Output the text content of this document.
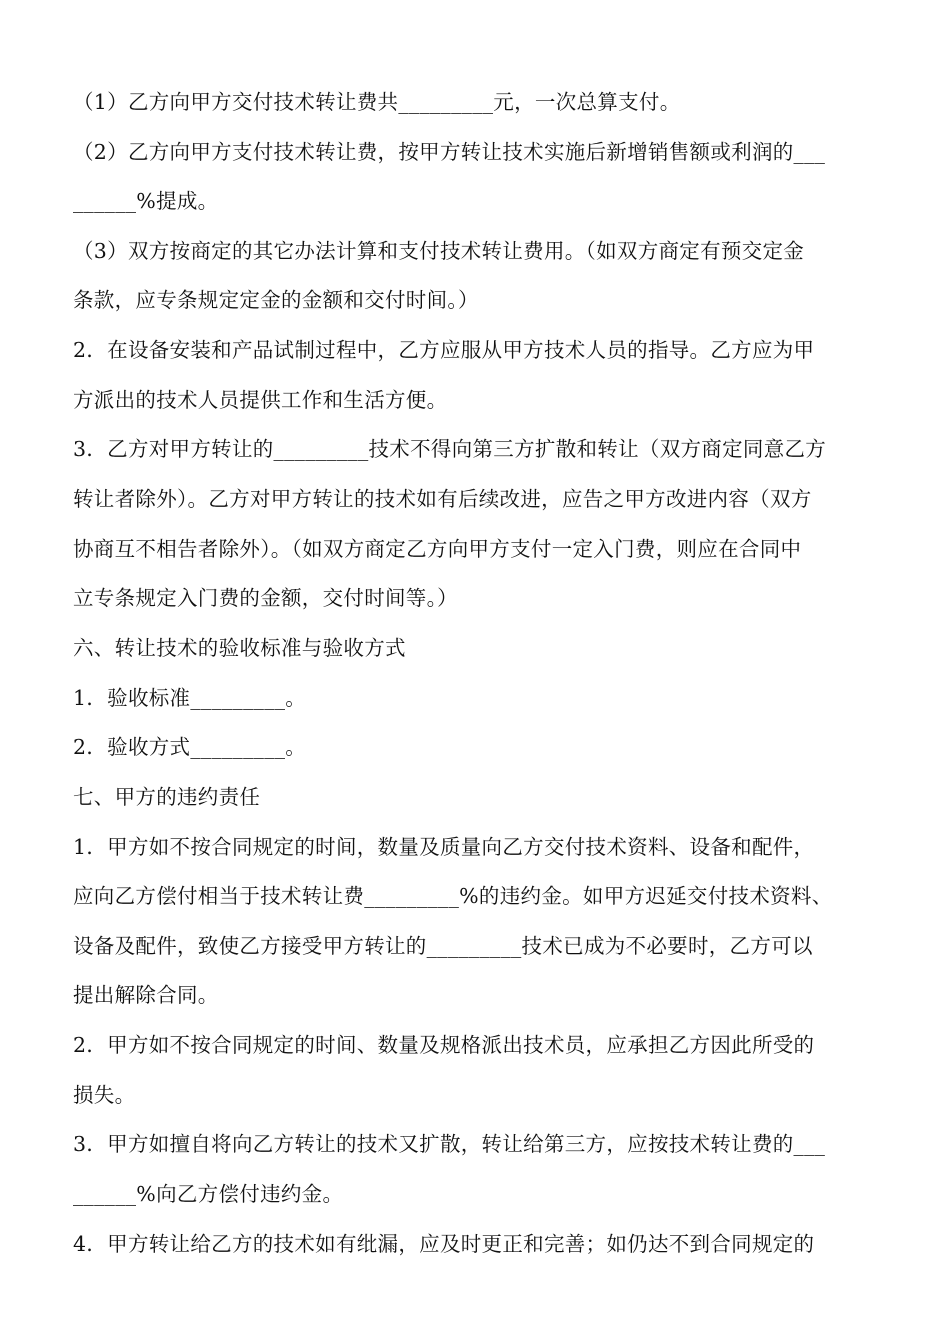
（1）乙方向甲方交付技术转让费共_________元，一次总算支付。
（2）乙方向甲方支付技术转让费，按甲方转让技术实施后新增销售额或利润的___
______%提成。
（3）双方按商定的其它办法计算和支付技术转让费用。（如双方商定有预交定金
条款，应专条规定定金的金额和交付时间。）
2．在设备安装和产品试制过程中，乙方应服从甲方技术人员的指导。乙方应为甲
方派出的技术人员提供工作和生活方便。
3．乙方对甲方转让的_________技术不得向第三方扩散和转让（双方商定同意乙方
转让者除外）。乙方对甲方转让的技术如有后续改进，应告之甲方改进内容（双方
协商互不相告者除外）。（如双方商定乙方向甲方支付一定入门费，则应在合同中
立专条规定入门费的金额，交付时间等。）
六、转让技术的验收标准与验收方式
1．验收标准_________。
2．验收方式_________。
七、甲方的违约责任
1．甲方如不按合同规定的时间，数量及质量向乙方交付技术资料、设备和配件，
应向乙方偿付相当于技术转让费_________%的违约金。如甲方迟延交付技术资料、
设备及配件，致使乙方接受甲方转让的_________技术已成为不必要时，乙方可以
提出解除合同。
2．甲方如不按合同规定的时间、数量及规格派出技术员，应承担乙方因此所受的
损失。
3．甲方如擅自将向乙方转让的技术又扩散，转让给第三方，应按技术转让费的___
______%向乙方偿付违约金。
4．甲方转让给乙方的技术如有纰漏，应及时更正和完善；如仍达不到合同规定的
